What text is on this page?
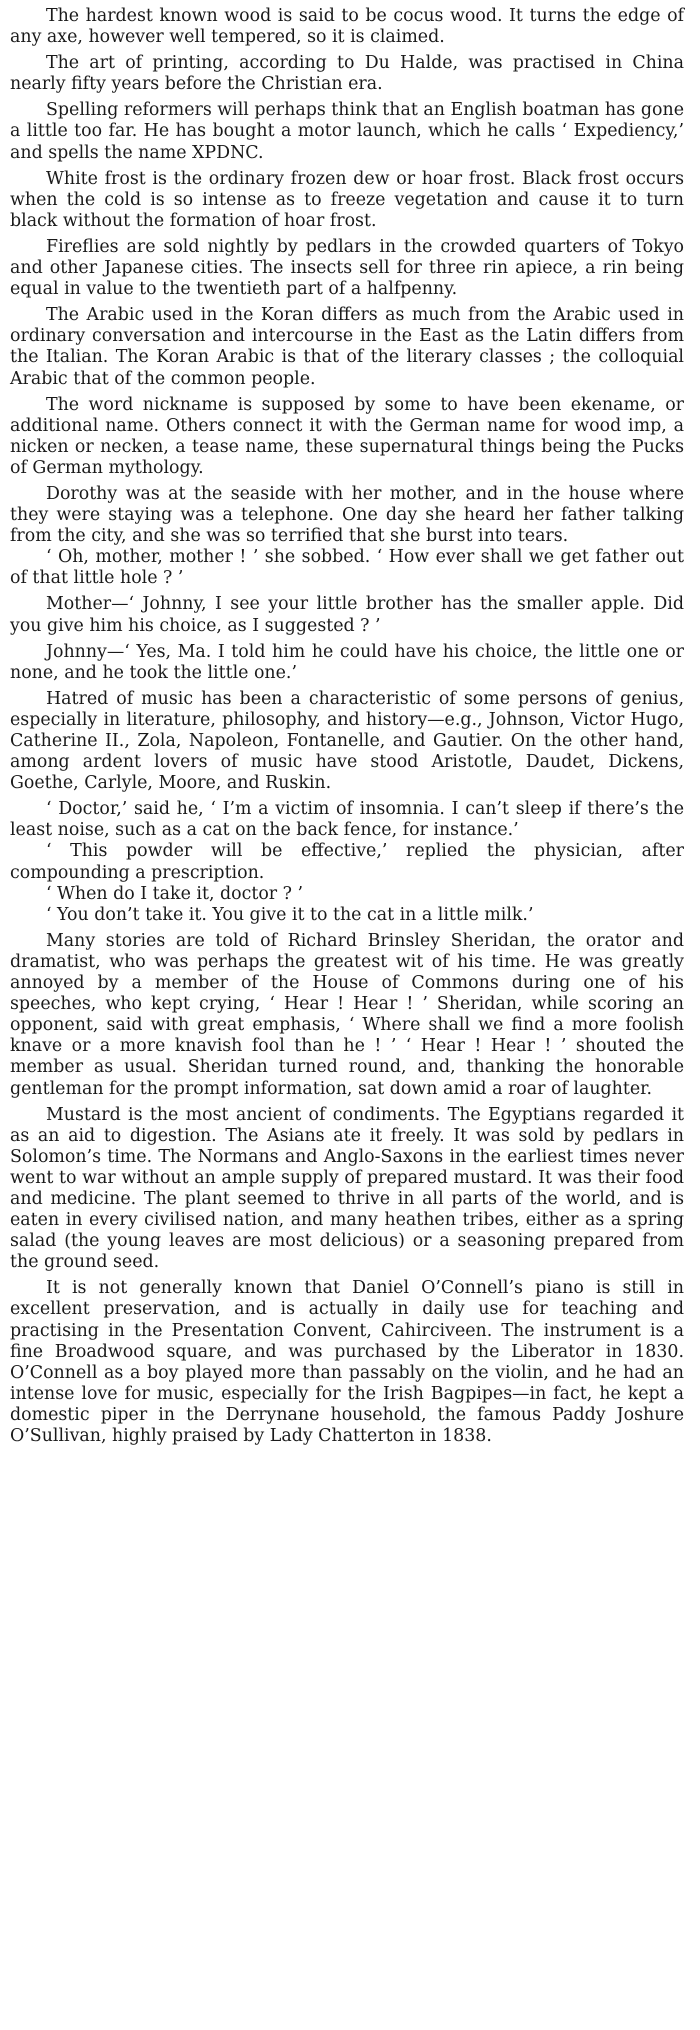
The hardest known wood is said to be cocus wood. It turns the edge of any axe, however well tempered, so it is claimed.

The art of printing, according to Du Halde, was practised in China nearly fifty years before the Christian era.

Spelling reformers will perhaps think that an English boatman has gone a little too far. He has bought a motor launch, which he calls ‘ Expediency,’ and spells the name XPDNC.

White frost is the ordinary frozen dew or hoar frost. Black frost occurs when the cold is so intense as to freeze vegetation and cause it to turn black without the formation of hoar frost.

Fireflies are sold nightly by pedlars in the crowded quarters of Tokyo and other Japanese cities. The insects sell for three rin apiece, a rin being equal in value to the twentieth part of a halfpenny.

The Arabic used in the Koran differs as much from the Arabic used in ordinary conversation and intercourse in the East as the Latin differs from the Italian. The Koran Arabic is that of the literary classes ; the colloquial Arabic that of the common people.

The word nickname is supposed by some to have been ekename, or additional name. Others connect it with the German name for wood imp, a nicken or necken, a tease name, these supernatural things being the Pucks of German mythology.

Dorothy was at the seaside with her mother, and in the house where they were staying was a telephone. One day she heard her father talking from the city, and she was so terrified that she burst into tears.

‘ Oh, mother, mother ! ’ she sobbed. ‘ How ever shall we get father out of that little hole ? ’

Mother—‘ Johnny, I see your little brother has the smaller apple. Did you give him his choice, as I suggested ? ’

Johnny—‘ Yes, Ma. I told him he could have his choice, the little one or none, and he took the little one.’

Hatred of music has been a characteristic of some persons of genius, especially in literature, philosophy, and history—e.g., Johnson, Victor Hugo, Catherine II., Zola, Napoleon, Fontanelle, and Gautier. On the other hand, among ardent lovers of music have stood Aristotle, Daudet, Dickens, Goethe, Carlyle, Moore, and Ruskin.

‘ Doctor,’ said he, ‘ I’m a victim of insomnia. I can’t sleep if there’s the least noise, such as a cat on the back fence, for instance.’

‘ This powder will be effective,’ replied the physician, after compounding a prescription.

‘ When do I take it, doctor ? ’

‘ You don’t take it. You give it to the cat in a little milk.’

Many stories are told of Richard Brinsley Sheridan, the orator and dramatist, who was perhaps the greatest wit of his time. He was greatly annoyed by a member of the House of Commons during one of his speeches, who kept crying, ‘ Hear ! Hear ! ’ Sheridan, while scoring an opponent, said with great emphasis, ‘ Where shall we find a more foolish knave or a more knavish fool than he ! ’ ‘ Hear ! Hear ! ’ shouted the member as usual. Sheridan turned round, and, thanking the honorable gentleman for the prompt information, sat down amid a roar of laughter.

Mustard is the most ancient of condiments. The Egyptians regarded it as an aid to digestion. The Asians ate it freely. It was sold by pedlars in Solomon’s time. The Normans and Anglo-Saxons in the earliest times never went to war without an ample supply of prepared mustard. It was their food and medicine. The plant seemed to thrive in all parts of the world, and is eaten in every civilised nation, and many heathen tribes, either as a spring salad (the young leaves are most delicious) or a seasoning prepared from the ground seed.

It is not generally known that Daniel O’Connell’s piano is still in excellent preservation, and is actually in daily use for teaching and practising in the Presentation Convent, Cahirciveen. The instrument is a fine Broadwood square, and was purchased by the Liberator in 1830. O’Connell as a boy played more than passably on the violin, and he had an intense love for music, especially for the Irish Bagpipes—in fact, he kept a domestic piper in the Derrynane household, the famous Paddy Joshure O’Sullivan, highly praised by Lady Chatterton in 1838.
